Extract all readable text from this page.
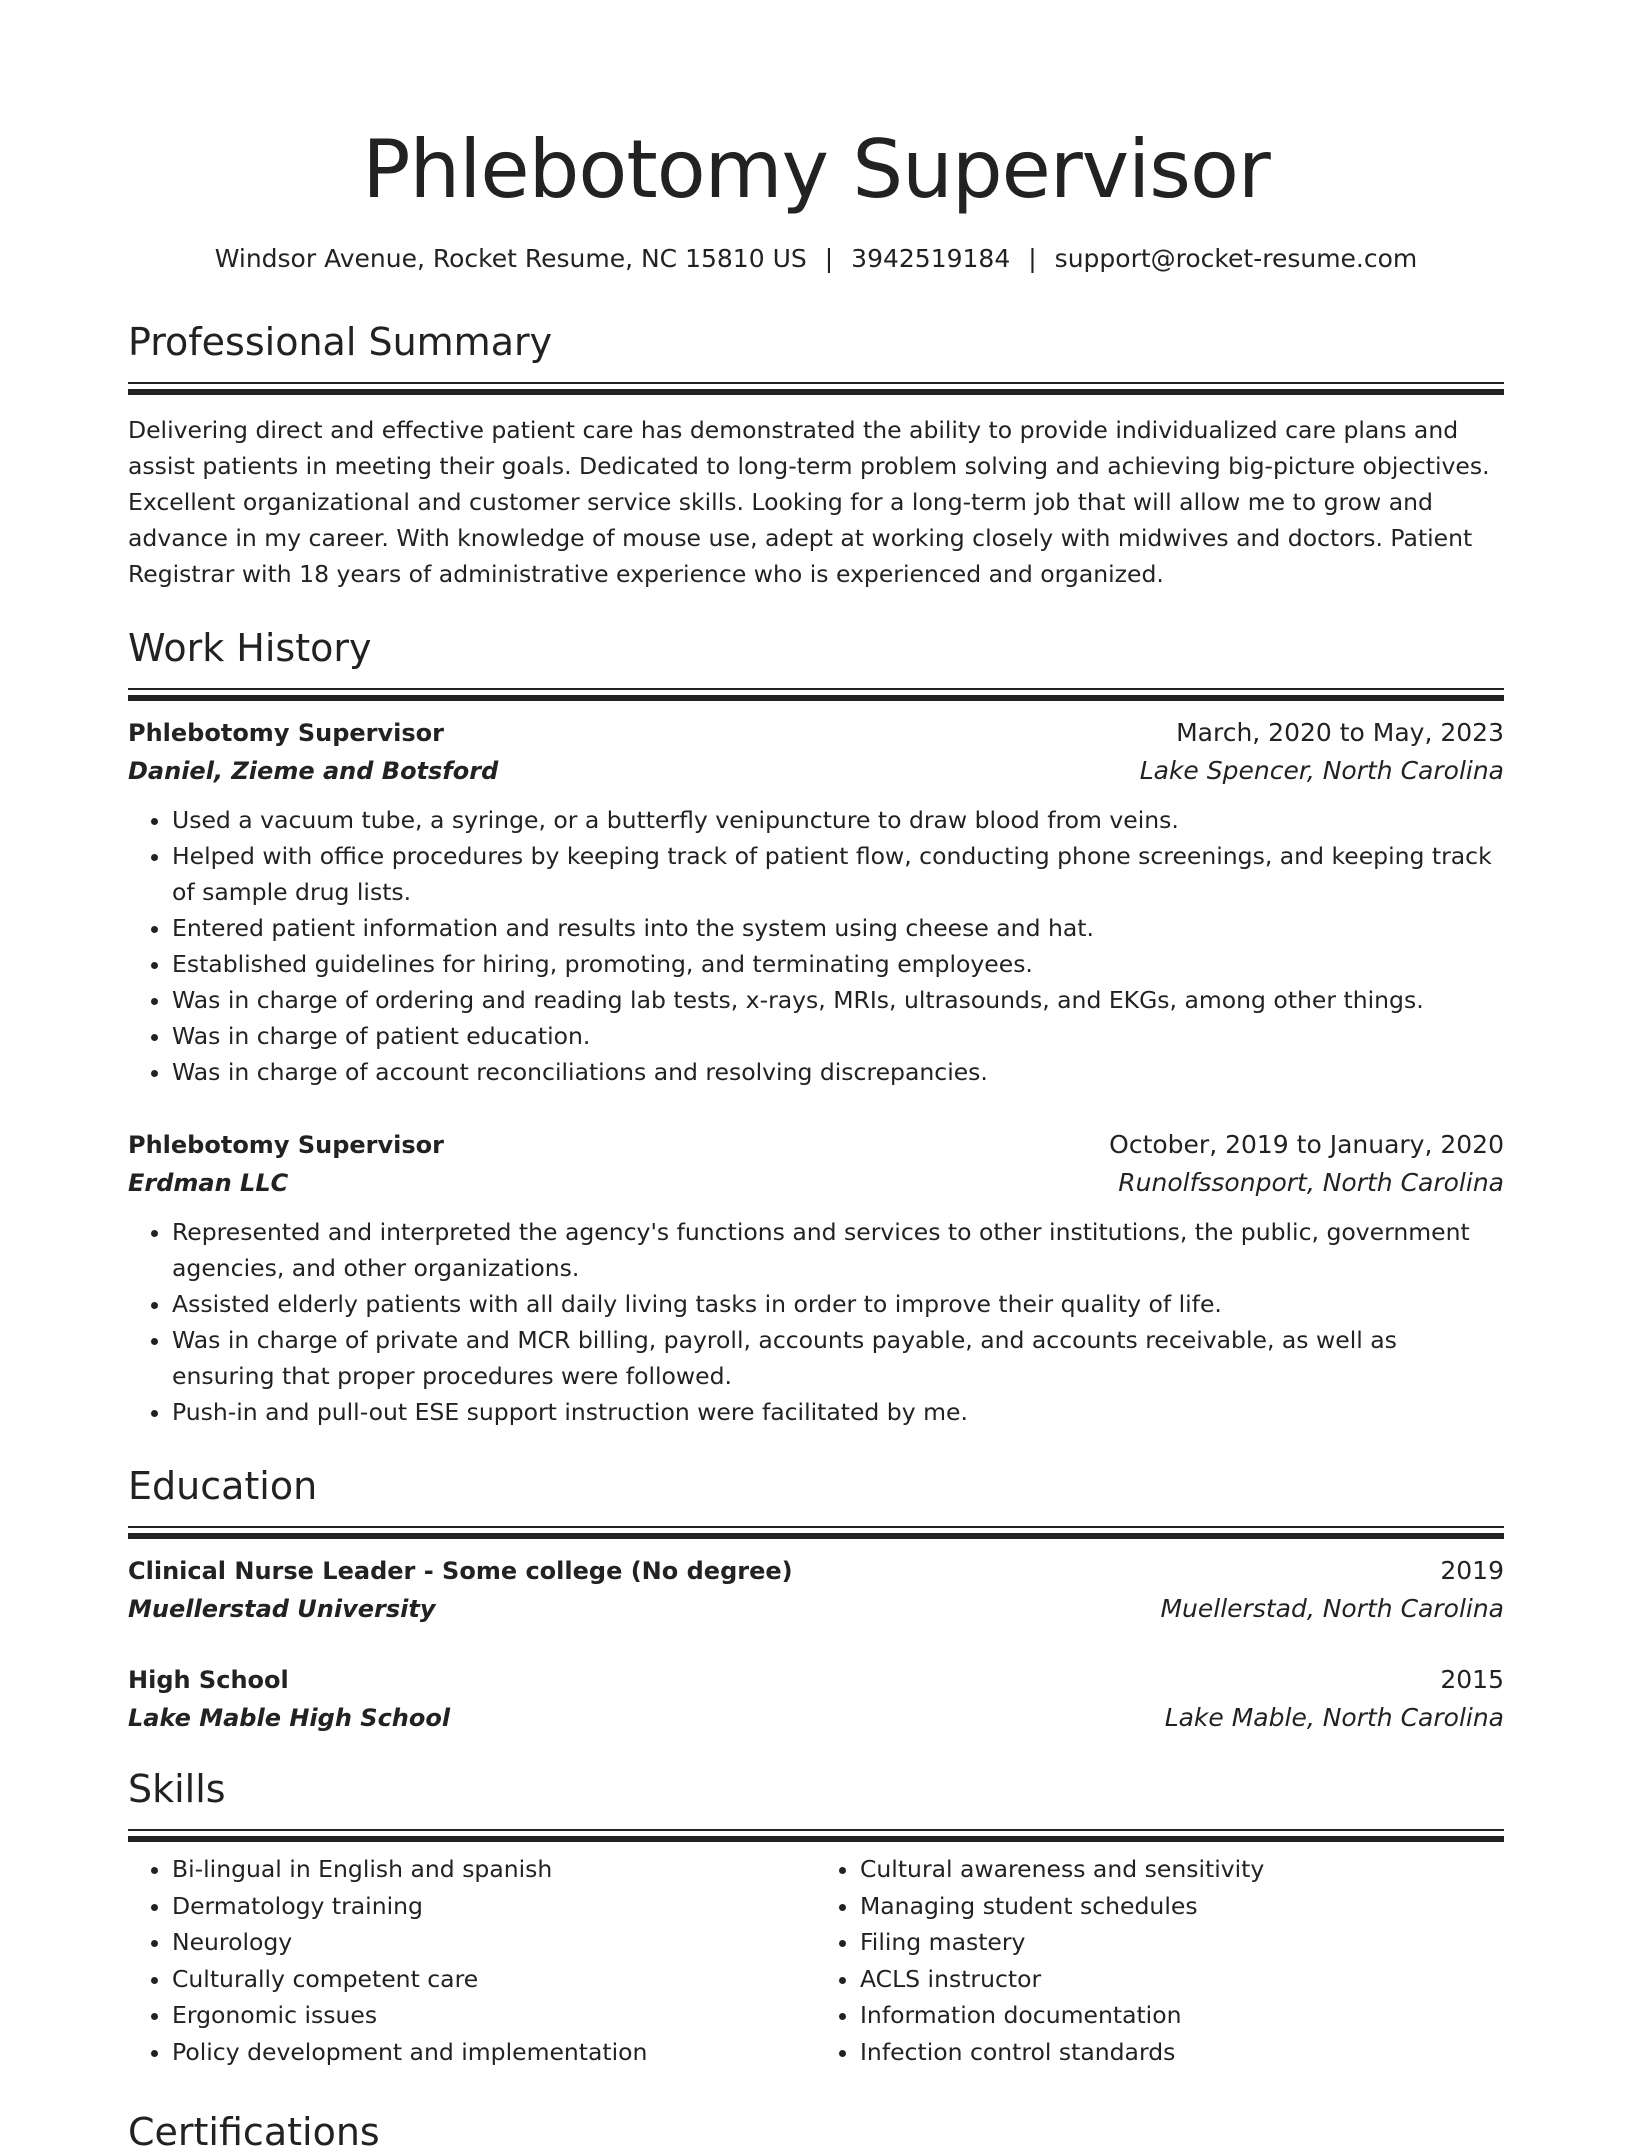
Phlebotomy Supervisor
Windsor Avenue, Rocket Resume, NC 15810 US | 3942519184 | support@rocket-resume.com
Professional Summary

Delivering direct and effective patient care has demonstrated the ability to provide individualized care plans and assist patients in meeting their goals. Dedicated to long-term problem solving and achieving big-picture objectives. Excellent organizational and customer service skills. Looking for a long-term job that will allow me to grow and advance in my career. With knowledge of mouse use, adept at working closely with midwives and doctors. Patient Registrar with 18 years of administrative experience who is experienced and organized.

Work History
Phlebotomy Supervisor	March, 2020 to May, 2023
Daniel, Zieme and Botsford	Lake Spencer, North Carolina
• Used a vacuum tube, a syringe, or a butterfly venipuncture to draw blood from veins.
• Helped with office procedures by keeping track of patient flow, conducting phone screenings, and keeping track of sample drug lists.
• Entered patient information and results into the system using cheese and hat.
• Established guidelines for hiring, promoting, and terminating employees.
• Was in charge of ordering and reading lab tests, x-rays, MRIs, ultrasounds, and EKGs, among other things.
• Was in charge of patient education.
• Was in charge of account reconciliations and resolving discrepancies.
Phlebotomy Supervisor	October, 2019 to January, 2020
Erdman LLC	Runolfssonport, North Carolina
• Represented and interpreted the agency's functions and services to other institutions, the public, government agencies, and other organizations.
• Assisted elderly patients with all daily living tasks in order to improve their quality of life.
• Was in charge of private and MCR billing, payroll, accounts payable, and accounts receivable, as well as ensuring that proper procedures were followed.
• Push-in and pull-out ESE support instruction were facilitated by me.
Education
Clinical Nurse Leader - Some college (No degree)	2019
Muellerstad University	Muellerstad, North Carolina
High School	2015
Lake Mable High School	Lake Mable, North Carolina
Skills
• Bi-lingual in English and spanish
• Dermatology training
• Neurology
• Culturally competent care
• Ergonomic issues
• Policy development and implementation
• Cultural awareness and sensitivity
• Managing student schedules
• Filing mastery
• ACLS instructor
• Information documentation
• Infection control standards
Certifications
